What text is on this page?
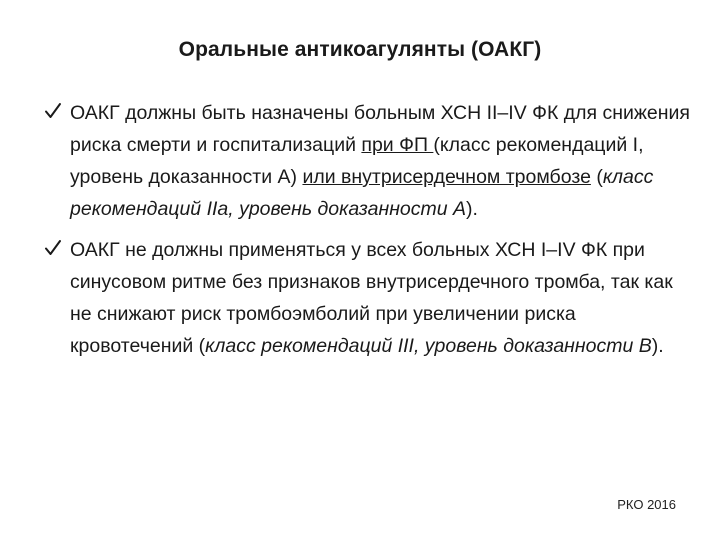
Оральные антикоагулянты (ОАКГ)
ОАКГ должны быть назначены больным ХСН II–IV ФК для снижения риска смерти и госпитализаций при ФП (класс рекомендаций I, уровень доказанности А) или внутрисердечном тромбозе (класс рекомендаций IIa, уровень доказанности А).
ОАКГ не должны применяться у всех больных ХСН I–IV ФК при синусовом ритме без признаков внутрисердечного тромба, так как не снижают риск тромбоэмболий при увеличении риска кровотечений (класс рекомендаций III, уровень доказанности В).
РКО 2016
